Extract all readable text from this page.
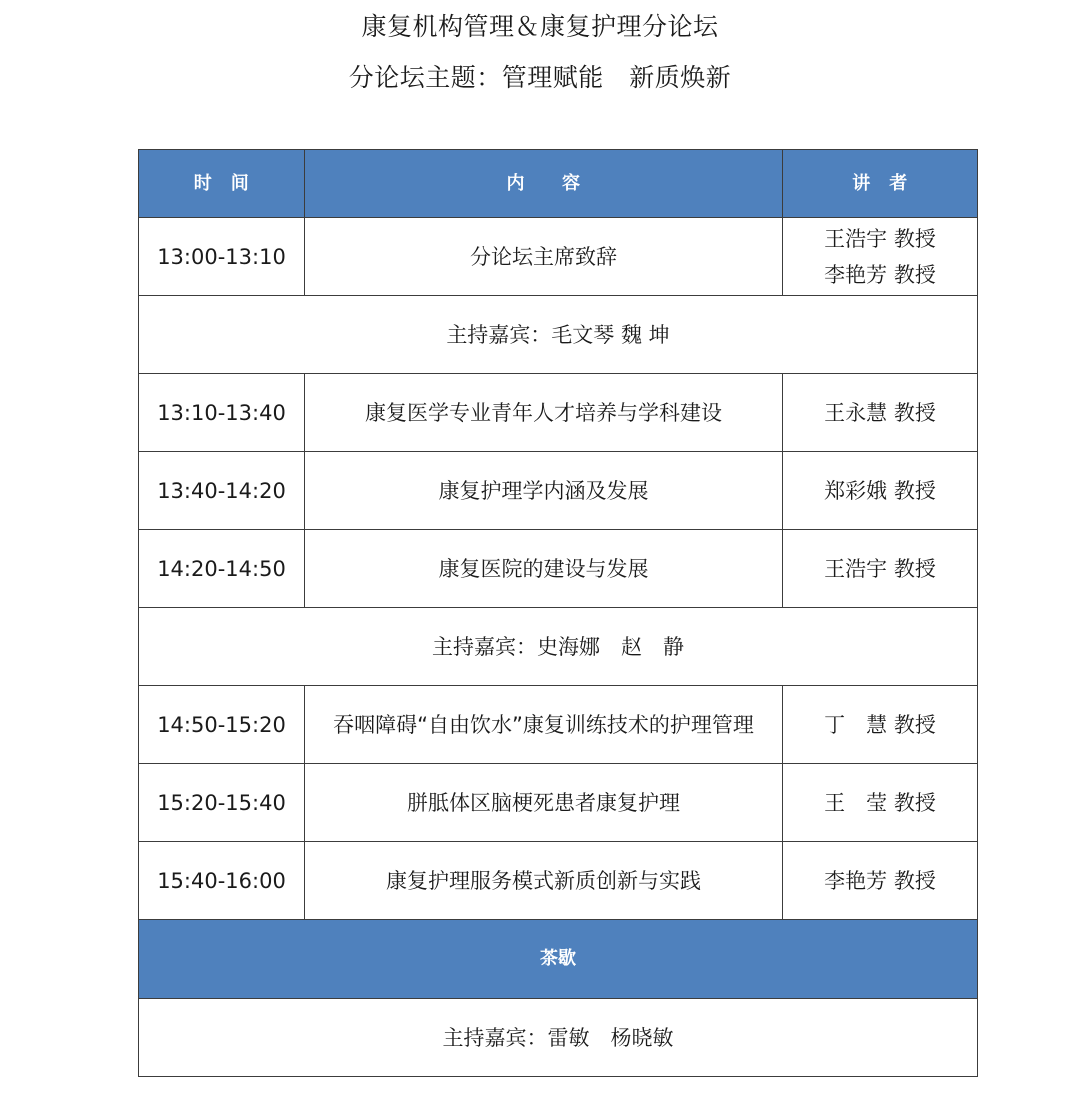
康复机构管理＆康复护理分论坛
分论坛主题：管理赋能　新质焕新
时　间	内　　容	讲　者
13:00-13:10	分论坛主席致辞	王浩宇 教授
李艳芳 教授

主持嘉宾：毛文琴 魏 坤		
13:10-13:40	康复医学专业青年人才培养与学科建设	王永慧 教授

13:40-14:20	康复护理学内涵及发展	郑彩娥 教授

14:20-14:50	康复医院的建设与发展	王浩宇 教授

主持嘉宾：史海娜　赵　静		
14:50-15:20	吞咽障碍“自由饮水”康复训练技术的护理管理	丁　慧 教授

15:20-15:40	胼胝体区脑梗死患者康复护理	王　莹 教授

15:40-16:00	康复护理服务模式新质创新与实践	李艳芳 教授

茶歇		
主持嘉宾：雷敏　杨晓敏		
